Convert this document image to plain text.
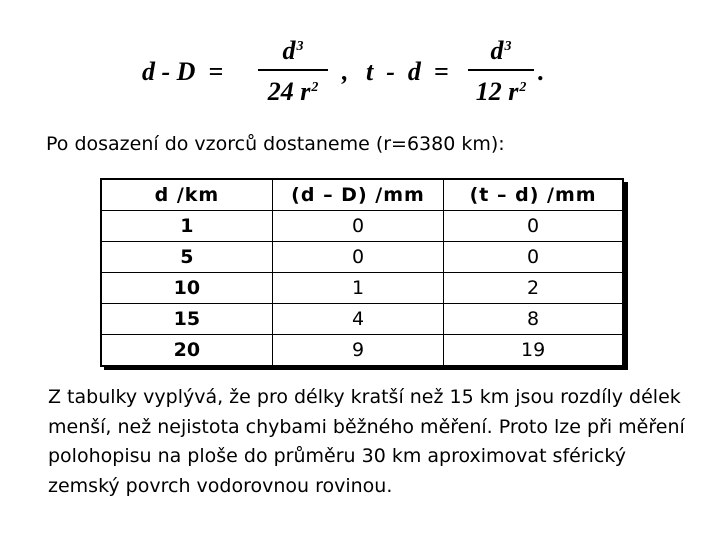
d - D  =
$d^3$
24 $r^2$
, t  -  d  =
$d^3$
12 $r^2$
.
Po dosazení do vzorců dostaneme (r=6380 km):
d /km	(d – D) /mm	(t – d) /mm
1	0	0
5	0	0
10	1	2
15	4	8
20	9	19

Z tabulky vyplývá, že pro délky kratší než 15 km jsou rozdíly délek menší, než nejistota chybami běžného měření. Proto lze při měření polohopisu na ploše do průměru 30 km aproximovat sférický zemský povrch vodorovnou rovinou.
